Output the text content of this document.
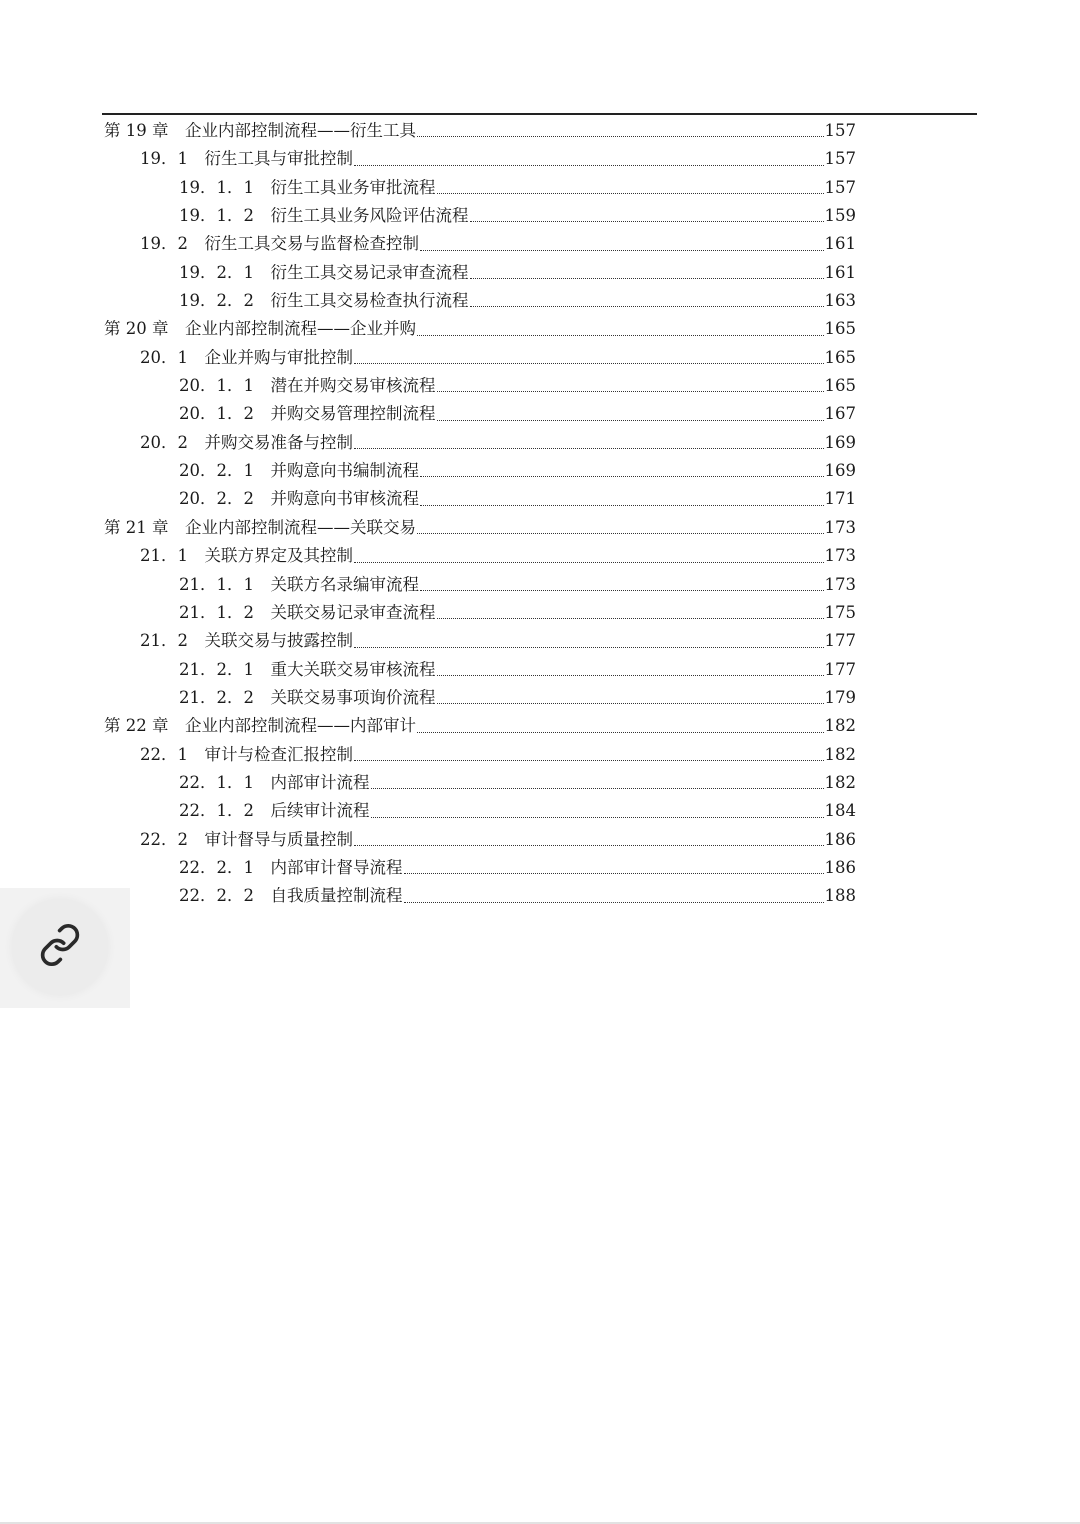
第 19 章　企业内部控制流程——衍生工具	157
19．1　衍生工具与审批控制	157
19．1．1　衍生工具业务审批流程	157
19．1．2　衍生工具业务风险评估流程	159
19．2　衍生工具交易与监督检查控制	161
19．2．1　衍生工具交易记录审查流程	161
19．2．2　衍生工具交易检查执行流程	163
第 20 章　企业内部控制流程——企业并购	165
20．1　企业并购与审批控制	165
20．1．1　潜在并购交易审核流程	165
20．1．2　并购交易管理控制流程	167
20．2　并购交易准备与控制	169
20．2．1　并购意向书编制流程	169
20．2．2　并购意向书审核流程	171
第 21 章　企业内部控制流程——关联交易	173
21．1　关联方界定及其控制	173
21．1．1　关联方名录编审流程	173
21．1．2　关联交易记录审查流程	175
21．2　关联交易与披露控制	177
21．2．1　重大关联交易审核流程	177
21．2．2　关联交易事项询价流程	179
第 22 章　企业内部控制流程——内部审计	182
22．1　审计与检查汇报控制	182
22．1．1　内部审计流程	182
22．1．2　后续审计流程	184
22．2　审计督导与质量控制	186
22．2．1　内部审计督导流程	186
22．2．2　自我质量控制流程	188
